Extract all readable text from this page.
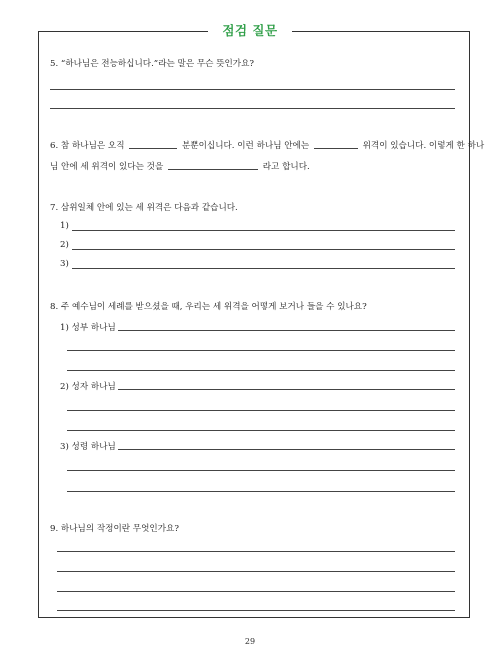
점검 질문
5. “하나님은 전능하십니다.”라는 말은 무슨 뜻인가요?
6. 참 하나님은 오직	분뿐이십니다. 이런 하나님 안에는	위격이 있습니다. 이렇게 한 하나
님 안에 세 위격이 있다는 것을	라고 합니다.
7. 삼위일체 안에 있는 세 위격은 다음과 같습니다.
1)
2)
3)
8. 주 예수님이 세례를 받으셨을 때, 우리는 세 위격을 어떻게 보거나 들을 수 있나요?
1) 성부 하나님
2) 성자 하나님
3) 성령 하나님
9. 하나님의 작정이란 무엇인가요?
29
